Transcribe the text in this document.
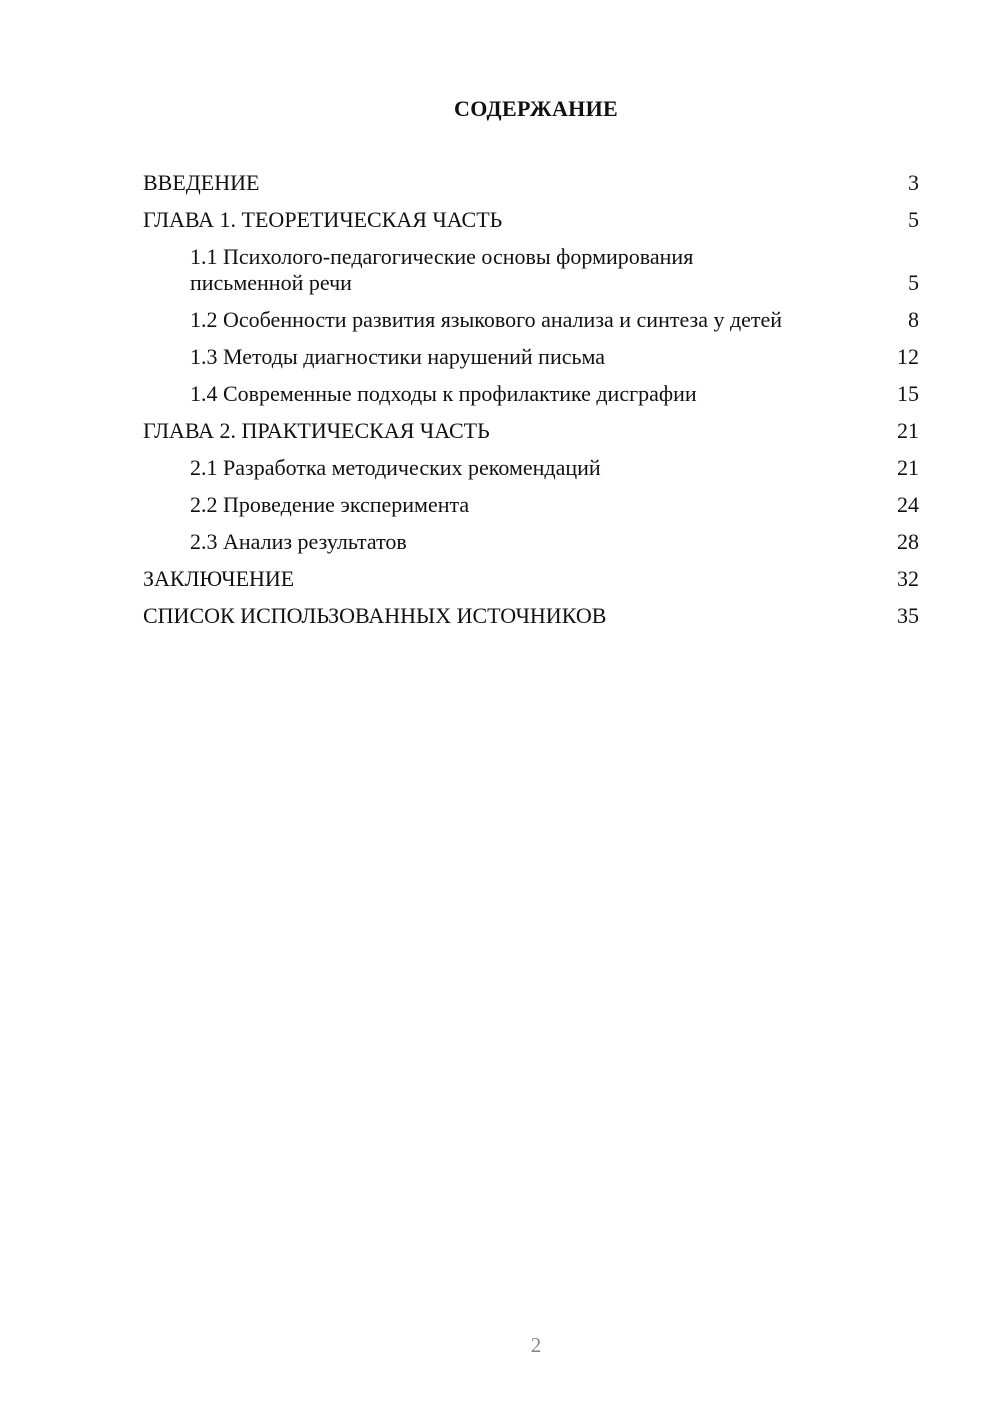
СОДЕРЖАНИЕ
ВВЕДЕНИЕ	3
ГЛАВА 1. ТЕОРЕТИЧЕСКАЯ ЧАСТЬ	5
1.1 Психолого-педагогические основы формирования письменной речи	5
1.2 Особенности развития языкового анализа и синтеза у детей	8
1.3 Методы диагностики нарушений письма	12
1.4 Современные подходы к профилактике дисграфии	15
ГЛАВА 2. ПРАКТИЧЕСКАЯ ЧАСТЬ	21
2.1 Разработка методических рекомендаций	21
2.2 Проведение эксперимента	24
2.3 Анализ результатов	28
ЗАКЛЮЧЕНИЕ	32
СПИСОК ИСПОЛЬЗОВАННЫХ ИСТОЧНИКОВ	35
2
